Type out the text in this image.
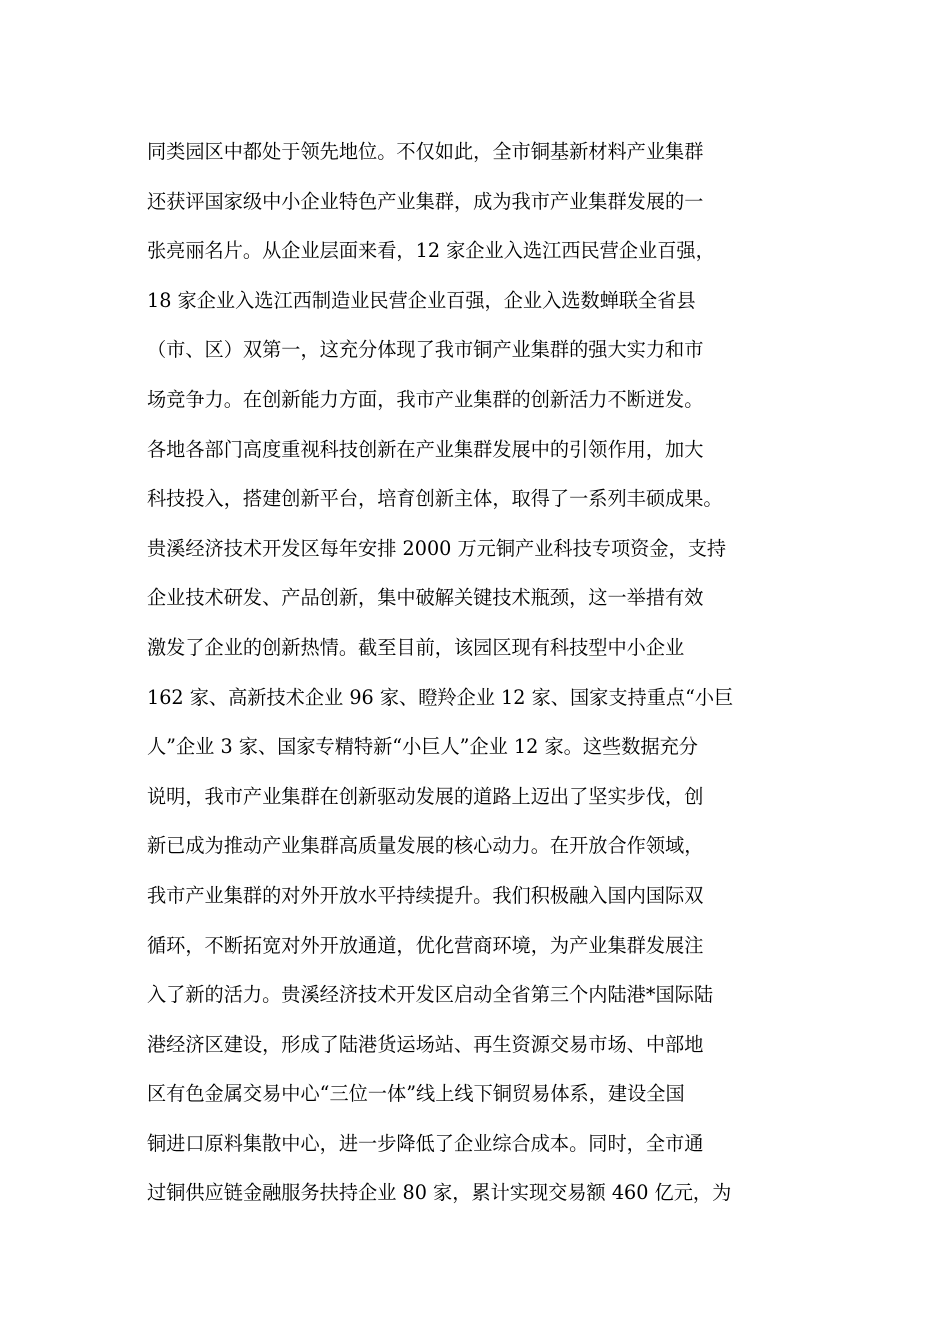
同类园区中都处于领先地位。不仅如此，全市铜基新材料产业集群
还获评国家级中小企业特色产业集群，成为我市产业集群发展的一
张亮丽名片。从企业层面来看，12 家企业入选江西民营企业百强，
18 家企业入选江西制造业民营企业百强，企业入选数蝉联全省县
（市、区）双第一，这充分体现了我市铜产业集群的强大实力和市
场竞争力。在创新能力方面，我市产业集群的创新活力不断迸发。
各地各部门高度重视科技创新在产业集群发展中的引领作用，加大
科技投入，搭建创新平台，培育创新主体，取得了一系列丰硕成果。
贵溪经济技术开发区每年安排 2000 万元铜产业科技专项资金，支持
企业技术研发、产品创新，集中破解关键技术瓶颈，这一举措有效
激发了企业的创新热情。截至目前，该园区现有科技型中小企业
162 家、高新技术企业 96 家、瞪羚企业 12 家、国家支持重点“小巨
人”企业 3 家、国家专精特新“小巨人”企业 12 家。这些数据充分
说明，我市产业集群在创新驱动发展的道路上迈出了坚实步伐，创
新已成为推动产业集群高质量发展的核心动力。在开放合作领域，
我市产业集群的对外开放水平持续提升。我们积极融入国内国际双
循环，不断拓宽对外开放通道，优化营商环境，为产业集群发展注
入了新的活力。贵溪经济技术开发区启动全省第三个内陆港*国际陆
港经济区建设，形成了陆港货运场站、再生资源交易市场、中部地
区有色金属交易中心“三位一体”线上线下铜贸易体系，建设全国
铜进口原料集散中心，进一步降低了企业综合成本。同时，全市通
过铜供应链金融服务扶持企业 80 家，累计实现交易额 460 亿元，为
